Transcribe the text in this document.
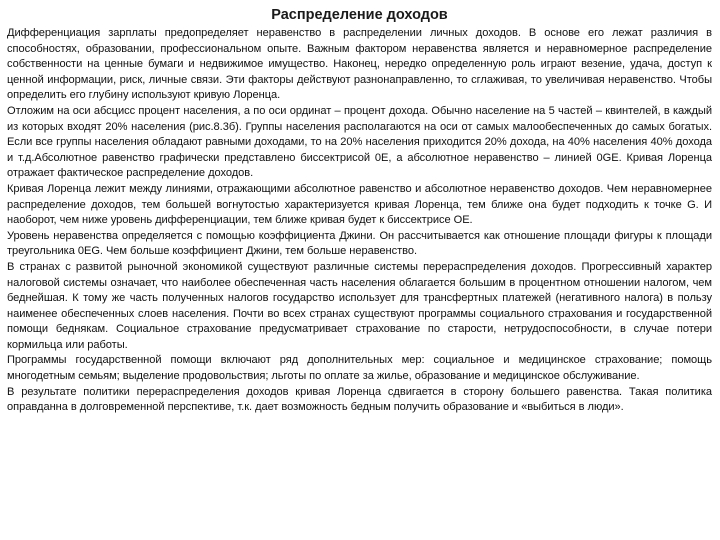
Распределение доходов

Дифференциация зарплаты предопределяет неравенство в распределении личных доходов. В основе его лежат различия в способностях, образовании, профессиональном опыте. Важным фактором неравенства является и неравномерное распределение собственности на ценные бумаги и недвижимое имущество. Наконец, нередко определенную роль играют везение, удача, доступ к ценной информации, риск, личные связи. Эти факторы действуют разнонаправленно, то сглаживая, то увеличивая неравенство. Чтобы определить его глубину используют кривую Лоренца.

Отложим на оси абсцисс процент населения, а по оси ординат – процент дохода. Обычно население на 5 частей – квинтелей, в каждый из которых входят 20% населения (рис.8.3б). Группы населения располагаются на оси от самых малообеспеченных до самых богатых. Если все группы населения обладают равными доходами, то на 20% населения приходится 20% дохода, на 40% населения 40% дохода и т.д.Абсолютное равенство графически представлено биссектрисой 0Е, а абсолютное неравенство – линией 0GE. Кривая Лоренца отражает фактическое распределение доходов.

Кривая Лоренца лежит между линиями, отражающими абсолютное равенство и абсолютное неравенство доходов. Чем неравномернее распределение доходов, тем большей вогнутостью характеризуется кривая Лоренца, тем ближе она будет подходить к точке G. И наоборот, чем ниже уровень дифференциации, тем ближе кривая будет к биссектрисе ОЕ.

Уровень неравенства определяется с помощью коэффициента Джини. Он рассчитывается как отношение площади фигуры к площади треугольника 0EG. Чем больше коэффициент Джини, тем больше неравенство.

В странах с развитой рыночной экономикой существуют различные системы перераспределения доходов. Прогрессивный характер налоговой системы означает, что наиболее обеспеченная часть населения облагается большим в процентном отношении налогом, чем беднейшая. К тому же часть полученных налогов государство использует для трансфертных платежей (негативного налога) в пользу наименее обеспеченных слоев населения. Почти во всех странах существуют программы социального страхования и государственной помощи беднякам. Социальное страхование предусматривает страхование по старости, нетрудоспособности, в случае потери кормильца или работы.

Программы государственной помощи включают ряд дополнительных мер: социальное и медицинское страхование; помощь многодетным семьям; выделение продовольствия; льготы по оплате за жилье, образование и медицинское обслуживание.

В результате политики перераспределения доходов кривая Лоренца сдвигается в сторону большего равенства. Такая политика оправданна в долговременной перспективе, т.к. дает возможность бедным получить образование и «выбиться в люди».
